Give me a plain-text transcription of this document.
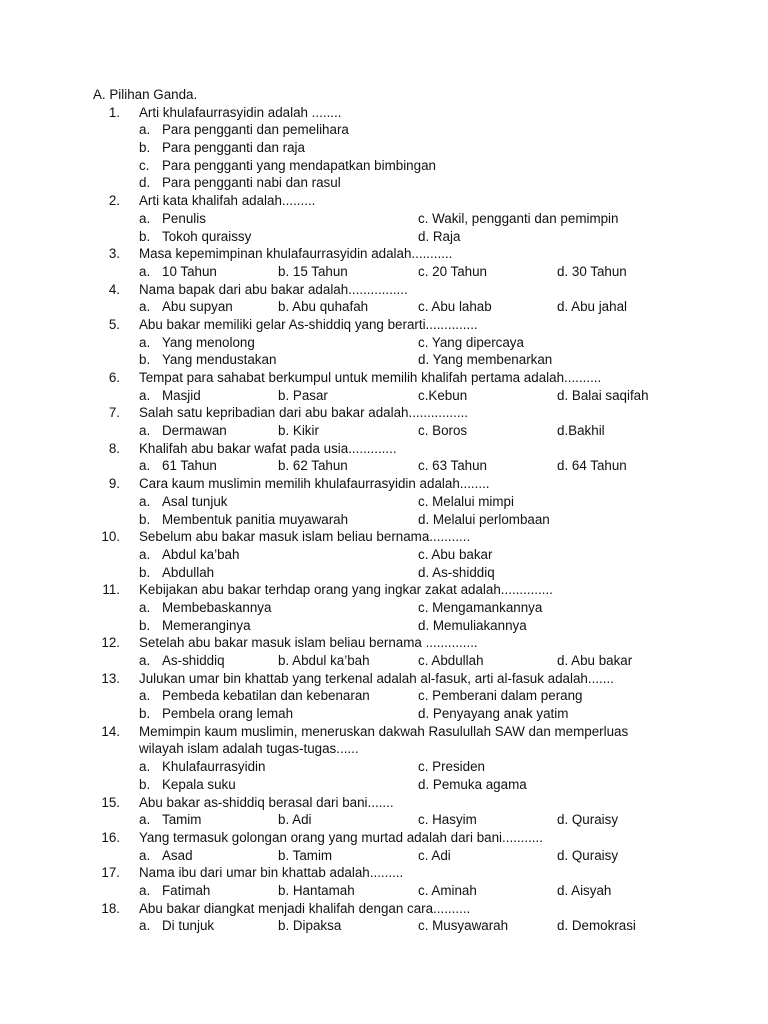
A. Pilihan Ganda.
1. Arti khulafaurrasyidin adalah ........
a. Para pengganti dan pemelihara
b. Para pengganti dan raja
c. Para pengganti yang mendapatkan bimbingan
d. Para pengganti nabi dan rasul
2. Arti kata khalifah adalah.........
a. Penulis	c. Wakil, pengganti dan pemimpin
b. Tokoh quraissy	d. Raja
3. Masa kepemimpinan khulafaurrasyidin adalah...........
a. 10 Tahun	b. 15 Tahun	c. 20 Tahun	d. 30 Tahun
4. Nama bapak dari abu bakar adalah................
a. Abu supyan	b. Abu quhafah	c. Abu lahab	d. Abu jahal
5. Abu bakar memiliki gelar As-shiddiq yang berarti..............
a. Yang menolong	c. Yang dipercaya
b. Yang mendustakan	d. Yang membenarkan
6. Tempat para sahabat berkumpul untuk memilih khalifah pertama adalah..........
a. Masjid	b. Pasar	c.Kebun	d. Balai saqifah
7. Salah satu kepribadian dari abu bakar adalah................
a. Dermawan	b. Kikir	c. Boros	d.Bakhil
8. Khalifah abu bakar wafat pada usia.............
a. 61 Tahun	b. 62 Tahun	c. 63 Tahun	d. 64 Tahun
9. Cara kaum muslimin memilih khulafaurrasyidin adalah........
a. Asal tunjuk	c. Melalui mimpi
b. Membentuk panitia muyawarah	d. Melalui perlombaan
10. Sebelum abu bakar masuk islam beliau bernama...........
a. Abdul ka’bah	c. Abu bakar
b. Abdullah	d. As-shiddiq
11. Kebijakan abu bakar terhdap orang yang ingkar zakat adalah..............
a. Membebaskannya	c. Mengamankannya
b. Memeranginya	d. Memuliakannya
12. Setelah abu bakar masuk islam beliau bernama ..............
a. As-shiddiq	b. Abdul ka’bah	c. Abdullah	d. Abu bakar
13. Julukan umar bin khattab yang terkenal adalah al-fasuk, arti al-fasuk adalah.......
a. Pembeda kebatilan dan kebenaran	c. Pemberani dalam perang
b. Pembela orang lemah	d. Penyayang anak yatim
14. Memimpin kaum muslimin, meneruskan dakwah Rasulullah SAW dan memperluas
wilayah islam adalah tugas-tugas......
a. Khulafaurrasyidin	c. Presiden
b. Kepala suku	d. Pemuka agama
15. Abu bakar as-shiddiq berasal dari bani.......
a. Tamim	b. Adi	c. Hasyim	d. Quraisy
16. Yang termasuk golongan orang yang murtad adalah dari bani...........
a. Asad	b. Tamim	c. Adi	d. Quraisy
17. Nama ibu dari umar bin khattab adalah.........
a. Fatimah	b. Hantamah	c. Aminah	d. Aisyah
18. Abu bakar diangkat menjadi khalifah dengan cara..........
a. Di tunjuk	b. Dipaksa	c. Musyawarah	d. Demokrasi
